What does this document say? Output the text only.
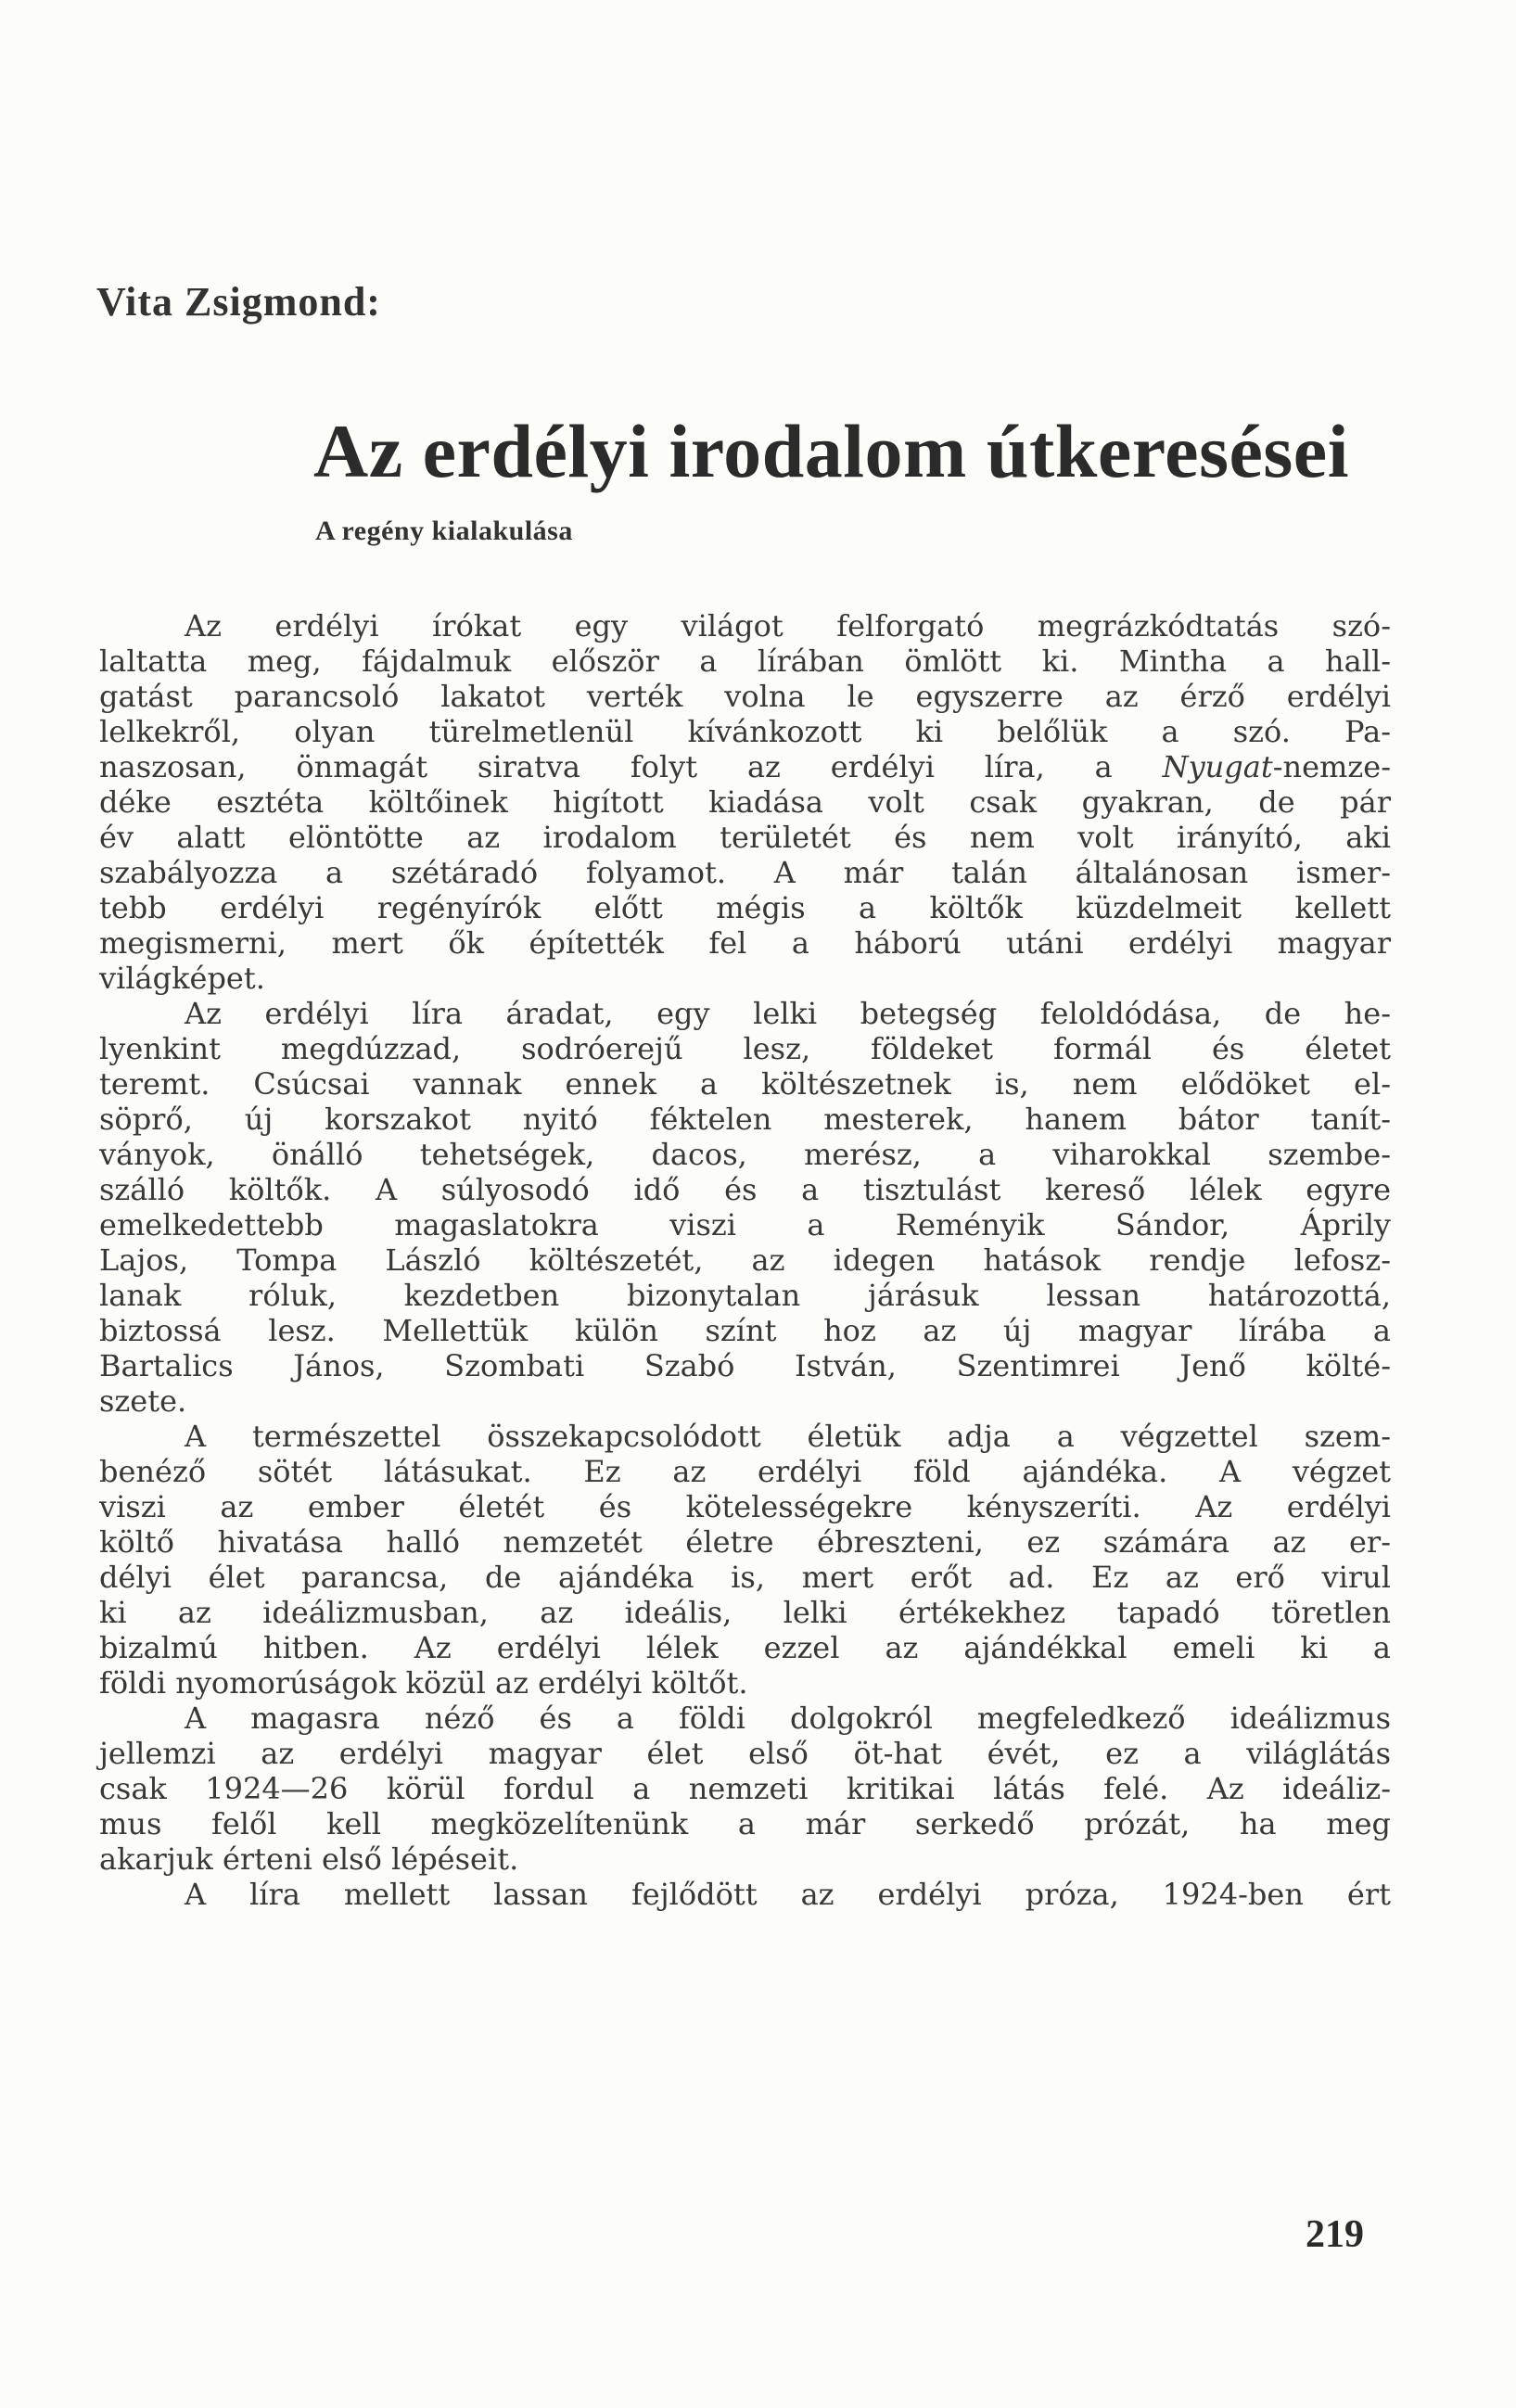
Vita Zsigmond:
Az erdélyi irodalom útkeresései
A regény kialakulása
Az erdélyi írókat egy világot felforgató megrázkódtatás szó-
laltatta meg, fájdalmuk először a lírában ömlött ki. Mintha a hall-
gatást parancsoló lakatot verték volna le egyszerre az érző erdélyi
lelkekről, olyan türelmetlenül kívánkozott ki belőlük a szó. Pa-
naszosan, önmagát siratva folyt az erdélyi líra, a Nyugat-nemze-
déke esztéta költőinek higított kiadása volt csak gyakran, de pár
év alatt elöntötte az irodalom területét és nem volt irányító, aki
szabályozza a szétáradó folyamot. A már talán általánosan ismer-
tebb erdélyi regényírók előtt mégis a költők küzdelmeit kellett
megismerni, mert ők építették fel a háború utáni erdélyi magyar
világképet.
Az erdélyi líra áradat, egy lelki betegség feloldódása, de he-
lyenkint megdúzzad, sodróerejű lesz, földeket formál és életet
teremt. Csúcsai vannak ennek a költészetnek is, nem elődöket el-
söprő, új korszakot nyitó féktelen mesterek, hanem bátor tanít-
ványok, önálló tehetségek, dacos, merész, a viharokkal szembe-
szálló költők. A súlyosodó idő és a tisztulást kereső lélek egyre
emelkedettebb magaslatokra viszi a Reményik Sándor, Áprily
Lajos, Tompa László költészetét, az idegen hatások rendje lefosz-
lanak róluk, kezdetben bizonytalan járásuk lessan határozottá,
biztossá lesz. Mellettük külön színt hoz az új magyar lírába a
Bartalics János, Szombati Szabó István, Szentimrei Jenő költé-
szete.
A természettel összekapcsolódott életük adja a végzettel szem-
benéző sötét látásukat. Ez az erdélyi föld ajándéka. A végzet
viszi az ember életét és kötelességekre kényszeríti. Az erdélyi
költő hivatása halló nemzetét életre ébreszteni, ez számára az er-
délyi élet parancsa, de ajándéka is, mert erőt ad. Ez az erő virul
ki az ideálizmusban, az ideális, lelki értékekhez tapadó töretlen
bizalmú hitben. Az erdélyi lélek ezzel az ajándékkal emeli ki a
földi nyomorúságok közül az erdélyi költőt.
A magasra néző és a földi dolgokról megfeledkező ideálizmus
jellemzi az erdélyi magyar élet első öt-hat évét, ez a világlátás
csak 1924—26 körül fordul a nemzeti kritikai látás felé. Az ideáliz-
mus felől kell megközelítenünk a már serkedő prózát, ha meg
akarjuk érteni első lépéseit.
A líra mellett lassan fejlődött az erdélyi próza, 1924-ben ért
219
